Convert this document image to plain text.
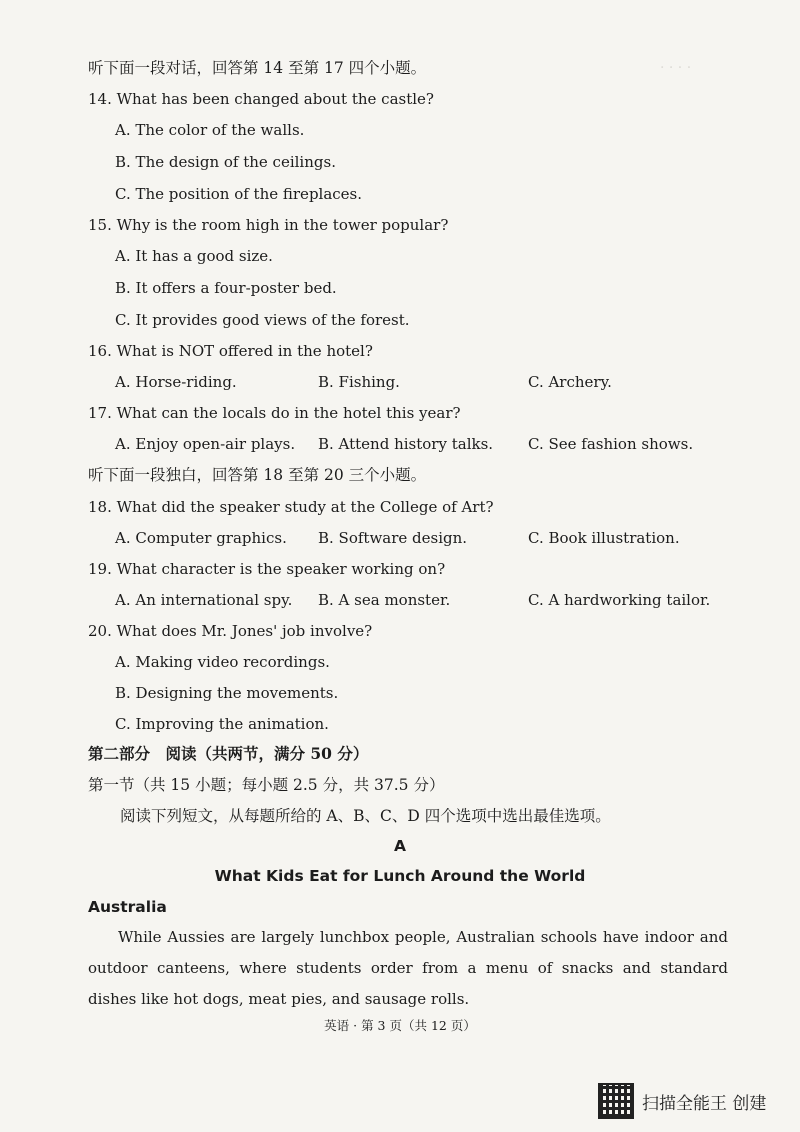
· · · ·
听下面一段对话，回答第 14 至第 17 四个小题。
14. What has been changed about the castle?
A. The color of the walls.
B. The design of the ceilings.
C. The position of the fireplaces.
15. Why is the room high in the tower popular?
A. It has a good size.
B. It offers a four-poster bed.
C. It provides good views of the forest.
16. What is NOT offered in the hotel?
A. Horse-riding.	B. Fishing.	C. Archery.
17. What can the locals do in the hotel this year?
A. Enjoy open-air plays. B. Attend history talks. C. See fashion shows.
听下面一段独白，回答第 18 至第 20 三个小题。
18. What did the speaker study at the College of Art?
A. Computer graphics. B. Software design.	C. Book illustration.
19. What character is the speaker working on?
A. An international spy. B. A sea monster.	C. A hardworking tailor.
20. What does Mr. Jones' job involve?
A. Making video recordings.
B. Designing the movements.
C. Improving the animation.
第二部分　阅读（共两节，满分 50 分）
第一节（共 15 小题；每小题 2.5 分，共 37.5 分）
阅读下列短文，从每题所给的 A、B、C、D 四个选项中选出最佳选项。
A
What Kids Eat for Lunch Around the World
Australia
While Aussies are largely lunchbox people, Australian schools have indoor and outdoor canteens, where students order from a menu of snacks and standard dishes like hot dogs, meat pies, and sausage rolls.
英语 · 第 3 页（共 12 页）
扫描全能王 创建
